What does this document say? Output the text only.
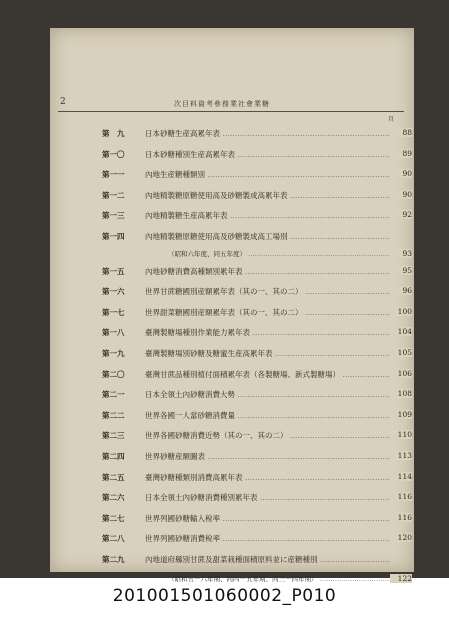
2	次目料資考參務業社會業糖
頁
第　九	日本砂糖生産高累年表 ……………………………………………………………………………………………………………………………………	88
第一〇	日本砂糖種別生産高累年表 ……………………………………………………………………………………………………………………………………	89
第一一	內地生産糖種類別 ……………………………………………………………………………………………………………………………………	90
第一二	內地精製糖原糖使用高及砂糖製成高累年表 ……………………………………………………………………………………………………………………………………	90
第一三	內地精製糖生産高累年表 ……………………………………………………………………………………………………………………………………	92
第一四	內地精製糖原糖使用高及砂糖製成高工場別 ……………………………………………………………………………………………………………………………………
（昭和六年度、同五年度） ……………………………………………………………………………………………………………………………………	93
第一五	內地砂糖消費高種類別累年表 ……………………………………………………………………………………………………………………………………	95
第一六	世界甘蔗糖國別産額累年表（其の一、其の二） ……………………………………………………………………………………………………………………………………	96
第一七	世界甜菜糖國別産額累年表（其の一、其の二） ……………………………………………………………………………………………………………………………………	100
第一八	臺灣製糖場種別作業能力累年表 ……………………………………………………………………………………………………………………………………	104
第一九	臺灣製糖場別砂糖及糖蜜生産高累年表 ……………………………………………………………………………………………………………………………………	105
第二〇	臺灣甘蔗品種別植付面積累年表（各製糖場、新式製糖場） ……………………………………………………………………………………………………………………………………	106
第二一	日本全領土內砂糖消費大勢 ……………………………………………………………………………………………………………………………………	108
第二二	世界各國一人當砂糖消費量 ……………………………………………………………………………………………………………………………………	109
第二三	世界各國砂糖消費近勢（其の一、其の二） ……………………………………………………………………………………………………………………………………	110
第二四	世界砂糖産額圖表 ……………………………………………………………………………………………………………………………………	113
第二五	臺灣砂糖種類別消費高累年表 ……………………………………………………………………………………………………………………………………	114
第二六	日本全領土內砂糖消費種別累年表 ……………………………………………………………………………………………………………………………………	116
第二七	世界列國砂糖輸入稅率 ……………………………………………………………………………………………………………………………………	116
第二八	世界列國砂糖消費稅率 ……………………………………………………………………………………………………………………………………	120
第二九	內地道府縣別甘蔗及甜菜栽種面積原料並に産糖種別 ……………………………………………………………………………………………………………………………………
（昭和五－六年期、同四－五年期、同三－四年期） ……………………………………………………………………………………………………………………………………	122
201001501060002_P010
